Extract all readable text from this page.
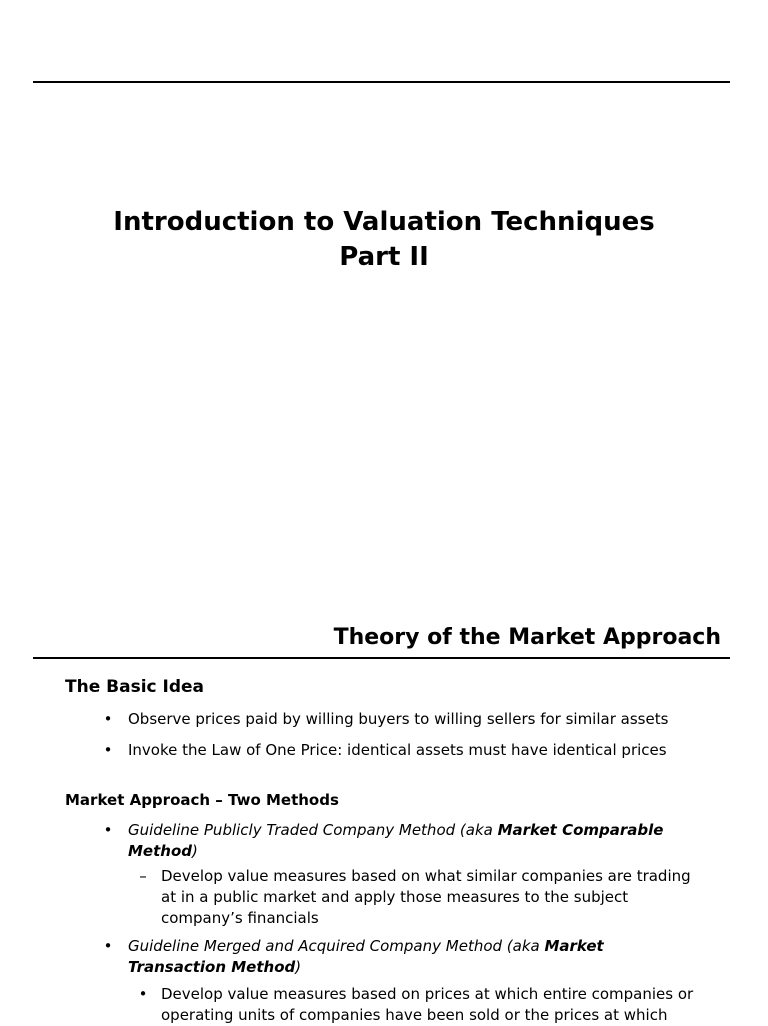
Introduction to Valuation Techniques
Part II
Theory of the Market Approach
The Basic Idea
• Observe prices paid by willing buyers to willing sellers for similar assets
• Invoke the Law of One Price: identical assets must have identical prices
Market Approach – Two Methods
• Guideline Publicly Traded Company Method (aka Market Comparable Method)
– Develop value measures based on what similar companies are trading at in a public market and apply those measures to the subject company’s financials
• Guideline Merged and Acquired Company Method (aka Market Transaction Method)
• Develop value measures based on prices at which entire companies or operating units of companies have been sold or the prices at which
